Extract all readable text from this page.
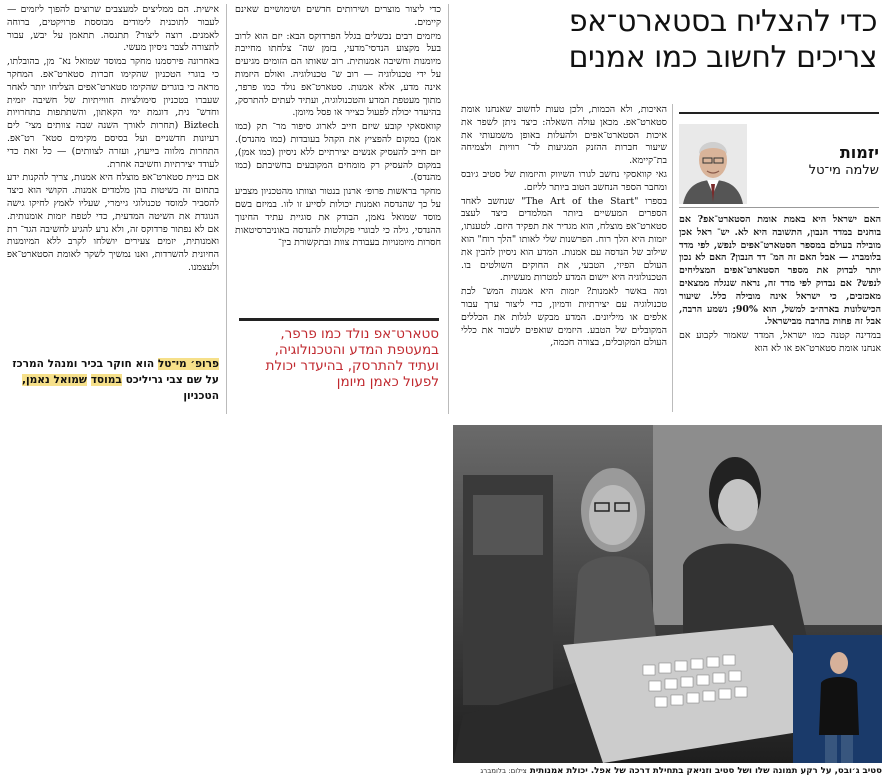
כדי להצליח בסטארט־אפ
צריכים לחשוב כמו אמנים
יזמות
שלמה מי־טל

האם ישראל היא באמת אומת הסטארט־אפ? אם בוחנים במדד הנבון, התשובה היא לא. יש־ ראל אכן מובילה בעולם במספר הסטארט־אפים לנפש, לפי מדד בלומברג — אבל האם זה המ־ דד הנבון? האם לא נכון יותר לבדוק את מספר הסטארט־אפים המצליחים לנפש? אם נבדוק לפי מדד זה, נראה שנגלה ממצאים מאכזבים, כי ישראל אינה מובילה כלל. שיעור הכישלונות בארה״ב למשל, הוא 90%; נשמע הרבה, אבל זה פחות בהרבה מבישראל.

במדינה קטנה כמו ישראל, המדד שאמור לקבוע אם אנחנו אומת סטארט־אפ או לא הוא

האיכות, ולא הכמות, ולכן טעות לחשוב שאנחנו אומת סטארט־אפ. מכאן עולה השאלה: כיצד ניתן לשפר את איכות הסטארט־אפים ולהעלות באופן משמעותי את שיעור חברות ההזנק המגיעות לד־ רוויות ולצמיחה בת־קיימא.

גאי קוואסקי נחשב לגורו השיווק והיזמות של סטיב ג׳ובס ומחבר הספר הנחשב הטוב ביותר לליזם.

בספרו "The Art of the Start" שנחשב לאחד הספרים המעשיים ביותר המלמדים כיצד לעצב סטארט־אפ מוצלח, הוא מגדיר את תפקיד היזם. לטענתו, יזמות היא הלך רוח. הפרשנות שלי לאותו "הלך רוח" הוא שילוב של הנדסה עם אמנות. המדע הוא ניסיון להבין את העולם הפיזי, הטבעי, את החוקים השולטים בו. הטכנולוגיה היא יישום המדע למטרות מעשיות.

ומה באשר לאמנות? יזמות היא אמנות המש־ לבת טכנולוגיה עם יצירתיות ודמיון, כדי ליצור ערך עבור אלפים או מיליונים. המדע מבקש לגלות את הכללים המקובלים של הטבע. היזמים שואפים לשבור את כללי העולם המקובלים, בצורה חכמה,

כדי ליצור מוצרים ושירותים חדשים ושימושיים שאינם קיימים.

מיזמים רבים נכשלים בגלל הפרדוקס הבא: יזם הוא לרוב בעל מקצוע הנדסי־מדעי, בזמן שה־ צלחתו מחייבת מיומנות וחשיבה אמנותית. רוב שאותו הם הזומים מגיעים על ידי טכנולוגיה — רוב ש־ טכנולוגיה. ואולם היזמות אינה מדע, אלא אמנות. סטארט־אפ נולד כמו פרפר, מתוך מעטפת המדע והטכנולוגיה, ועתיד לעתים להתרסק, בהיעדר יכולת לפעול כצייר או פסל מיומן.

קוואסאקי קובע שיזם חייב לארוג סיפור מר־ תק (כמו אמן) במקום להפציץ את הקהל בעובדות (כמו מהנדס). יזם חייב להעסיק אנשים יצירתיים ללא ניסיון (כמו אמן), במקום להעסיק רק מומחים המקובעים בחשיבתם (כמו מהנדס).

מחקר בראשות פרופ׳ ארנון בנטור וצוותו מהטכניון מצביע על כך שהנדסה ואמנות יכולות לסייע זו לזו. במיזם בשם מוסד שמואל נאמן, הבודק את סוגיית עתיד החינוך ההנדסי, גילה כי לבוגרי פקולטות להנדסה באוניברסיטאות חסרות מיומנויות בעבודת צוות ובתקשורת בין־

אישית. הם ממליצים למעצבים שרוצים להפוך ליזמים — לעבור לתוכנית לימודים מבוססת פרויקטים, ברוחה לאמנים. רוצה ליצור? תתנסה. תתאמן על יבש, עבור לתצורה לצבר ניסיון מעשי.

באחרונה פירסמנו מחקר במוסד שמואל נא־ מן, בהובלתו, כי בוגרי הטכניון שהקימו חברות סטארט־אפ. המחקר מראה כי בוגרים שהקימו סטארט־אפים הצליחו יותר לאחר שעברו בטכניון סימולציות חווייתיות של חשיבה יזמית וחדש־ נית, דוגמת ימי הקאתון, והשתתפות בתחרויות Biztech (תחרות לאורך השנה שבה צוותים מצי־ לים רעיונות חדשניים ועל בסיסם מקימים סטא־ רט־אפ. התחרות מלווה בייעוץ, ועזרה לצוותים) — כל זאת כדי לעודד יצירתיות וחשיבה אחרת.

אם בניית סטארט־אפ מוצלח היא אמנות, צריך להקנות ידע בתחום זה בשיטות בהן מלמדים אמנות. הקושי הוא כיצד להסביר למוסד טכנולוגי גיימרי, שעליו לאמץ לחיקו גישה הנוגדת את השיטה המדעית, כדי לטפח יזמות אומנותית. אם לא נפתור פרדוקס זה, ולא נרע להגיע לחשיבה הגד־ רת ואמנותית, יזמים צעירים יושלחו לקרב ללא המיומנות החיונית להשרדות, ואנו נמשיך לשקר לאומת הסטארט־אפ ולעצמנו.

סטארט־אפ נולד כמו פרפר, במעטפת המדע והטכנולוגיה, ועתיד להתרסק, בהיעדר יכולת לפעול כאמן מיומן
פרופ׳ מי־טל הוא חוקר בכיר ומנהל המרכז על שם צבי גריליכס במוסד שמואל נאמן, הטכניון
סטיב ג׳ובס, על רקע תמונה שלו ושל סטיב וזניאק בתחילת דרכה של אפל. יכולת אמנותית צילום: בלומברג
